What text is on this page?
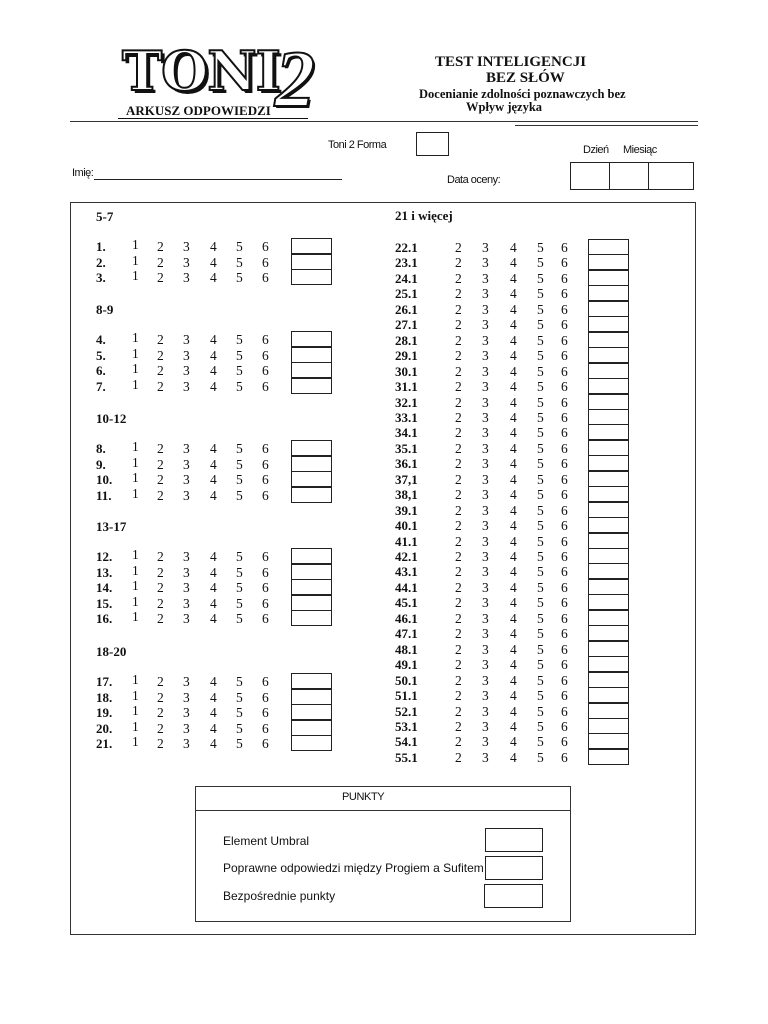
TONI
2
ARKUSZ ODPOWIEDZI
TEST INTELIGENCJI
BEZ SŁÓW
Docenianie zdolności poznawczych bez
Wpływ języka
Toni 2 Forma	Dzień Miesiąc
Imię:
Data oceny:
PUNKTY
Element Umbral
Poprawne odpowiedzi między Progiem a Sufitem
Bezpośrednie punkty
5-7
1. 1 2 3 4 5 6
2. 1 2 3 4 5 6
3. 1 2 3 4 5 6
8-9
4. 1 2 3 4 5 6
5. 1 2 3 4 5 6
6. 1 2 3 4 5 6
7. 1 2 3 4 5 6
10-12
8. 1 2 3 4 5 6
9. 1 2 3 4 5 6
10. 1 2 3 4 5 6
11. 1 2 3 4 5 6
13-17
12. 1 2 3 4 5 6
13. 1 2 3 4 5 6
14. 1 2 3 4 5 6
15. 1 2 3 4 5 6
16. 1 2 3 4 5 6
18-20
17. 1 2 3 4 5 6
18. 1 2 3 4 5 6
19. 1 2 3 4 5 6
20. 1 2 3 4 5 6
21. 1 2 3 4 5 6
21 i więcej
22.1	2 3 4 5 6
23.1	2 3 4 5 6
24.1	2 3 4 5 6
25.1	2 3 4 5 6
26.1	2 3 4 5 6
27.1	2 3 4 5 6
28.1	2 3 4 5 6
29.1	2 3 4 5 6
30.1	2 3 4 5 6
31.1	2 3 4 5 6
32.1	2 3 4 5 6
33.1	2 3 4 5 6
34.1	2 3 4 5 6
35.1	2 3 4 5 6
36.1	2 3 4 5 6
37,1	2 3 4 5 6
38,1	2 3 4 5 6
39.1	2 3 4 5 6
40.1	2 3 4 5 6
41.1	2 3 4 5 6
42.1	2 3 4 5 6
43.1	2 3 4 5 6
44.1	2 3 4 5 6
45.1	2 3 4 5 6
46.1	2 3 4 5 6
47.1	2 3 4 5 6
48.1	2 3 4 5 6
49.1	2 3 4 5 6
50.1	2 3 4 5 6
51.1	2 3 4 5 6
52.1	2 3 4 5 6
53.1	2 3 4 5 6
54.1	2 3 4 5 6
55.1	2 3 4 5 6
